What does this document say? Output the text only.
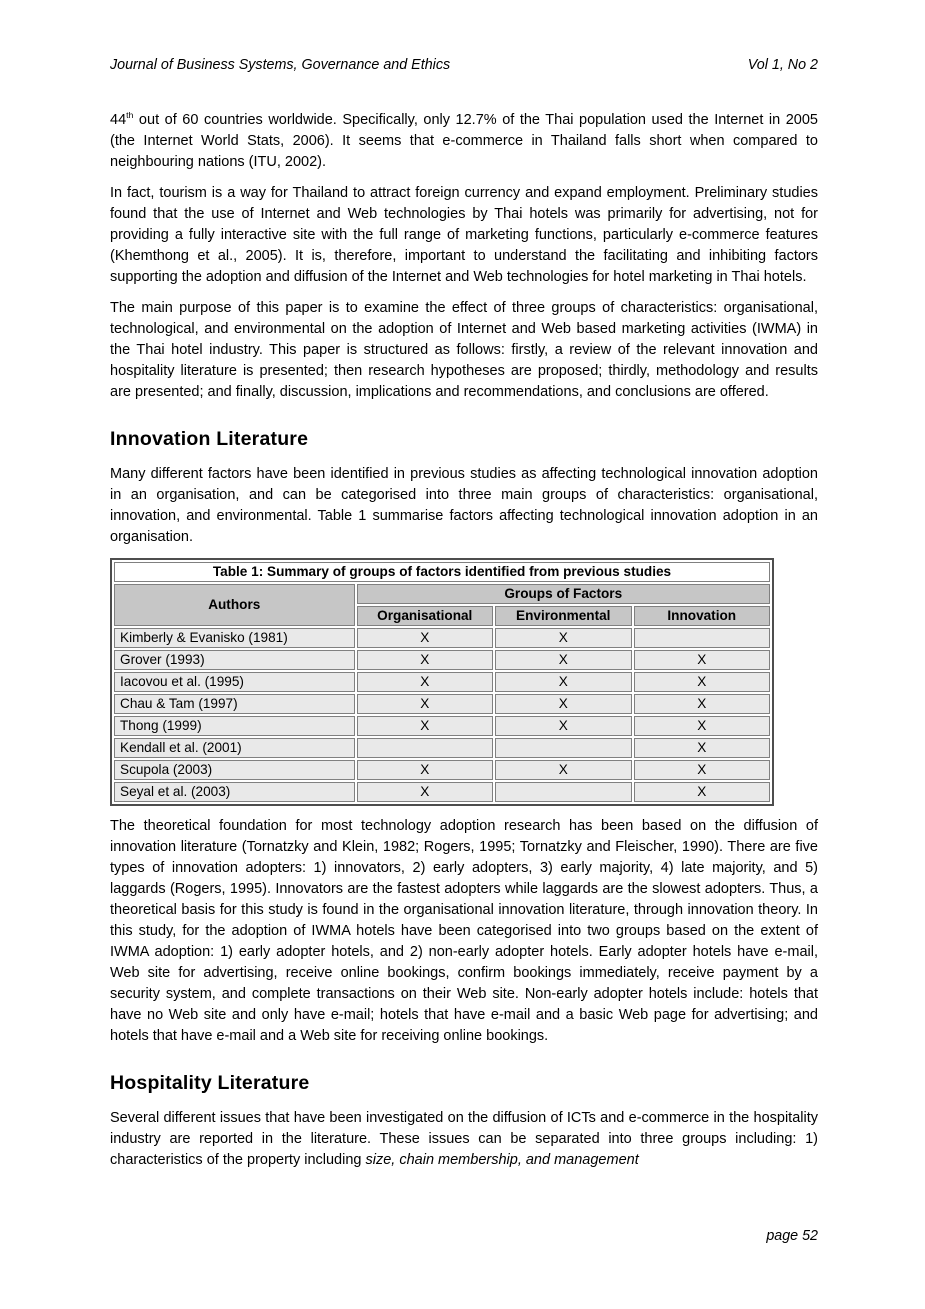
Journal of Business Systems, Governance and Ethics	Vol 1, No 2

44th out of 60 countries worldwide. Specifically, only 12.7% of the Thai population used the Internet in 2005 (the Internet World Stats, 2006). It seems that e-commerce in Thailand falls short when compared to neighbouring nations (ITU, 2002).

In fact, tourism is a way for Thailand to attract foreign currency and expand employment. Preliminary studies found that the use of Internet and Web technologies by Thai hotels was primarily for advertising, not for providing a fully interactive site with the full range of marketing functions, particularly e-commerce features (Khemthong et al., 2005). It is, therefore, important to understand the facilitating and inhibiting factors supporting the adoption and diffusion of the Internet and Web technologies for hotel marketing in Thai hotels.

The main purpose of this paper is to examine the effect of three groups of characteristics: organisational, technological, and environmental on the adoption of Internet and Web based marketing activities (IWMA) in the Thai hotel industry. This paper is structured as follows: firstly, a review of the relevant innovation and hospitality literature is presented; then research hypotheses are proposed; thirdly, methodology and results are presented; and finally, discussion, implications and recommendations, and conclusions are offered.

Innovation Literature

Many different factors have been identified in previous studies as affecting technological innovation adoption in an organisation, and can be categorised into three main groups of characteristics: organisational, innovation, and environmental. Table 1 summarise factors affecting technological innovation adoption in an organisation.

Table 1: Summary of groups of factors identified from previous studies			
Authors	Groups of Factors		
	Organisational	Environmental	Innovation
Kimberly & Evanisko (1981)	X	X	
Grover (1993)	X	X	X
Iacovou et al. (1995)	X	X	X
Chau & Tam (1997)	X	X	X
Thong (1999)	X	X	X
Kendall et al. (2001)			X
Scupola (2003)	X	X	X
Seyal et al. (2003)	X		X

The theoretical foundation for most technology adoption research has been based on the diffusion of innovation literature (Tornatzky and Klein, 1982; Rogers, 1995; Tornatzky and Fleischer, 1990). There are five types of innovation adopters: 1) innovators, 2) early adopters, 3) early majority, 4) late majority, and 5) laggards (Rogers, 1995). Innovators are the fastest adopters while laggards are the slowest adopters. Thus, a theoretical basis for this study is found in the organisational innovation literature, through innovation theory. In this study, for the adoption of IWMA hotels have been categorised into two groups based on the extent of IWMA adoption: 1) early adopter hotels, and 2) non-early adopter hotels. Early adopter hotels have e-mail, Web site for advertising, receive online bookings, confirm bookings immediately, receive payment by a security system, and complete transactions on their Web site. Non-early adopter hotels include: hotels that have no Web site and only have e-mail; hotels that have e-mail and a basic Web page for advertising; and hotels that have e-mail and a Web site for receiving online bookings.

Hospitality Literature

Several different issues that have been investigated on the diffusion of ICTs and e-commerce in the hospitality industry are reported in the literature. These issues can be separated into three groups including: 1) characteristics of the property including size, chain membership, and management

page 52
